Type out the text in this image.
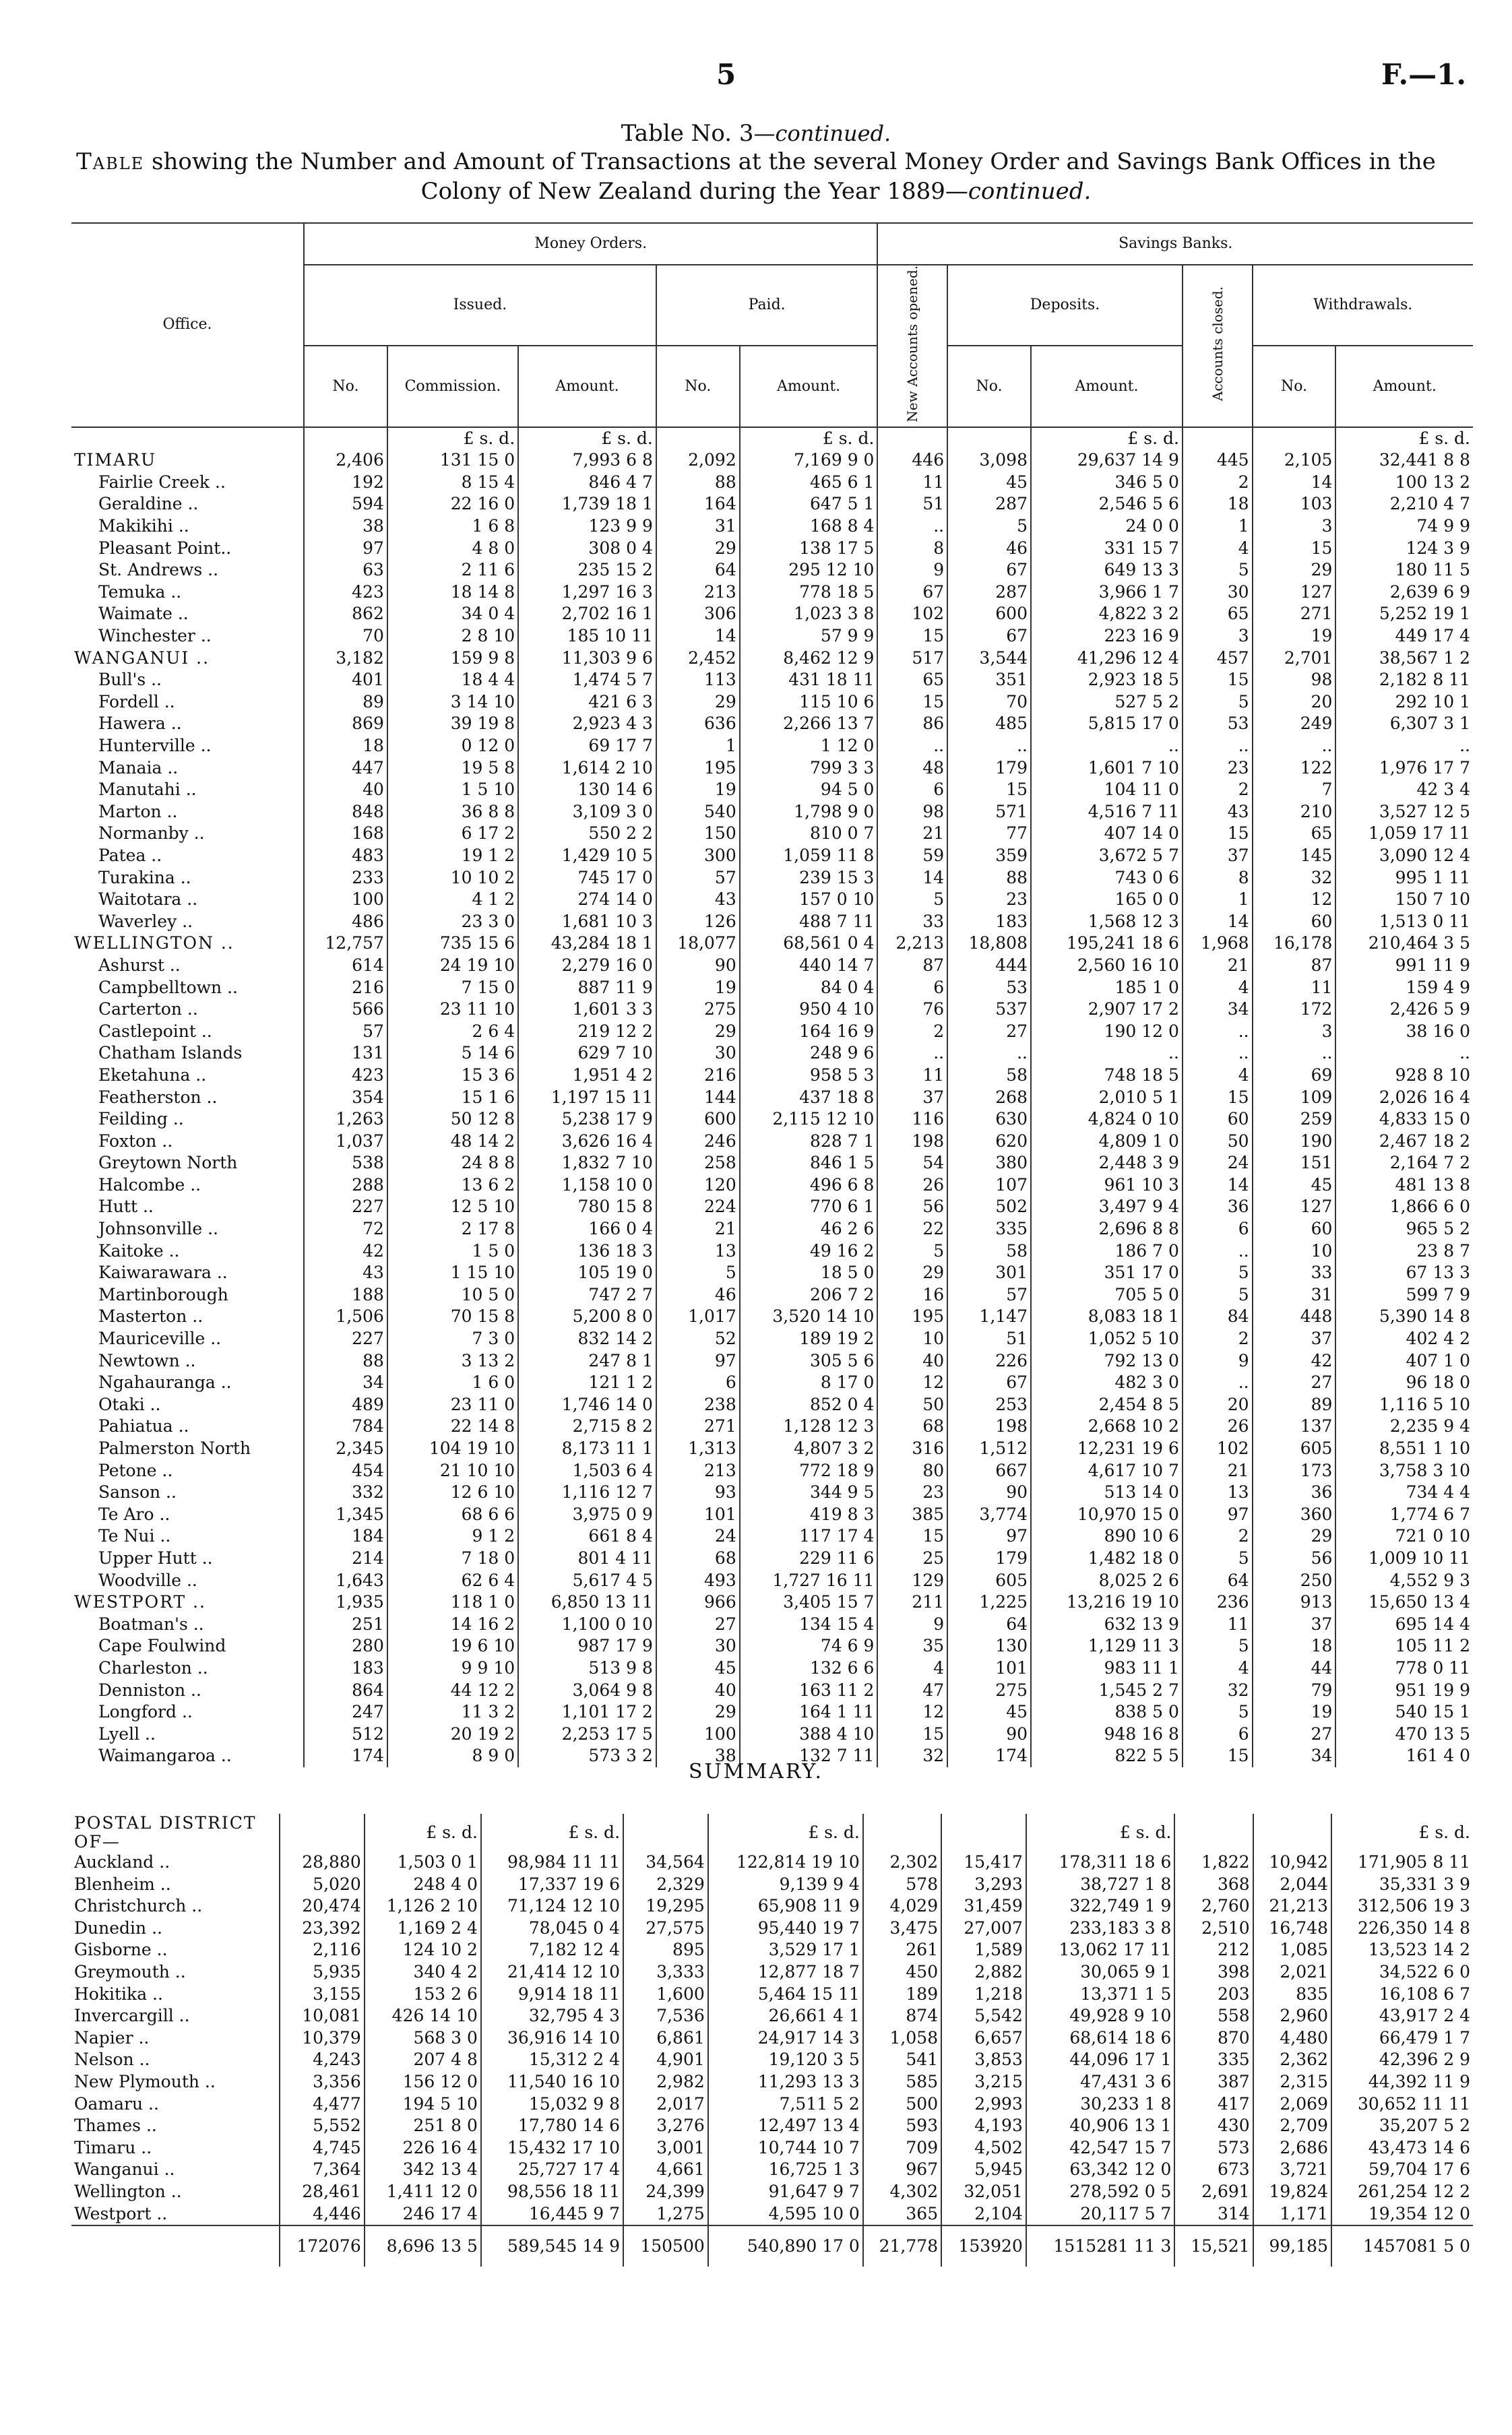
5	F.—1.
Table No. 3—continued.
Table showing the Number and Amount of Transactions at the several Money Order and Savings Bank Offices in the Colony of New Zealand during the Year 1889—continued.
Office.	Money Orders.					Savings Banks.					
	Issued.			Paid.		New Accounts opened.	Deposits.		Accounts closed.	Withdrawals.	
	No.	Commission.	Amount.	No.	Amount.		No.	Amount.		No.	Amount.
		£ s. d.	£ s. d.		£ s. d.			£ s. d.			£ s. d.
TIMARU	2,406	131 15 0	7,993 6 8	2,092	7,169 9 0	446	3,098	29,637 14 9	445	2,105	32,441 8 8
Fairlie Creek ..	192	8 15 4	846 4 7	88	465 6 1	11	45	346 5 0	2	14	100 13 2
Geraldine ..	594	22 16 0	1,739 18 1	164	647 5 1	51	287	2,546 5 6	18	103	2,210 4 7
Makikihi ..	38	1 6 8	123 9 9	31	168 8 4	..	5	24 0 0	1	3	74 9 9
Pleasant Point..	97	4 8 0	308 0 4	29	138 17 5	8	46	331 15 7	4	15	124 3 9
St. Andrews ..	63	2 11 6	235 15 2	64	295 12 10	9	67	649 13 3	5	29	180 11 5
Temuka ..	423	18 14 8	1,297 16 3	213	778 18 5	67	287	3,966 1 7	30	127	2,639 6 9
Waimate ..	862	34 0 4	2,702 16 1	306	1,023 3 8	102	600	4,822 3 2	65	271	5,252 19 1
Winchester ..	70	2 8 10	185 10 11	14	57 9 9	15	67	223 16 9	3	19	449 17 4
WANGANUI ..	3,182	159 9 8	11,303 9 6	2,452	8,462 12 9	517	3,544	41,296 12 4	457	2,701	38,567 1 2
Bull's ..	401	18 4 4	1,474 5 7	113	431 18 11	65	351	2,923 18 5	15	98	2,182 8 11
Fordell ..	89	3 14 10	421 6 3	29	115 10 6	15	70	527 5 2	5	20	292 10 1
Hawera ..	869	39 19 8	2,923 4 3	636	2,266 13 7	86	485	5,815 17 0	53	249	6,307 3 1
Hunterville ..	18	0 12 0	69 17 7	1	1 12 0	..	..	..	..	..	..
Manaia ..	447	19 5 8	1,614 2 10	195	799 3 3	48	179	1,601 7 10	23	122	1,976 17 7
Manutahi ..	40	1 5 10	130 14 6	19	94 5 0	6	15	104 11 0	2	7	42 3 4
Marton ..	848	36 8 8	3,109 3 0	540	1,798 9 0	98	571	4,516 7 11	43	210	3,527 12 5
Normanby ..	168	6 17 2	550 2 2	150	810 0 7	21	77	407 14 0	15	65	1,059 17 11
Patea ..	483	19 1 2	1,429 10 5	300	1,059 11 8	59	359	3,672 5 7	37	145	3,090 12 4
Turakina ..	233	10 10 2	745 17 0	57	239 15 3	14	88	743 0 6	8	32	995 1 11
Waitotara ..	100	4 1 2	274 14 0	43	157 0 10	5	23	165 0 0	1	12	150 7 10
Waverley ..	486	23 3 0	1,681 10 3	126	488 7 11	33	183	1,568 12 3	14	60	1,513 0 11
WELLINGTON ..	12,757	735 15 6	43,284 18 1	18,077	68,561 0 4	2,213	18,808	195,241 18 6	1,968	16,178	210,464 3 5
Ashurst ..	614	24 19 10	2,279 16 0	90	440 14 7	87	444	2,560 16 10	21	87	991 11 9
Campbelltown ..	216	7 15 0	887 11 9	19	84 0 4	6	53	185 1 0	4	11	159 4 9
Carterton ..	566	23 11 10	1,601 3 3	275	950 4 10	76	537	2,907 17 2	34	172	2,426 5 9
Castlepoint ..	57	2 6 4	219 12 2	29	164 16 9	2	27	190 12 0	..	3	38 16 0
Chatham Islands	131	5 14 6	629 7 10	30	248 9 6	..	..	..	..	..	..
Eketahuna ..	423	15 3 6	1,951 4 2	216	958 5 3	11	58	748 18 5	4	69	928 8 10
Featherston ..	354	15 1 6	1,197 15 11	144	437 18 8	37	268	2,010 5 1	15	109	2,026 16 4
Feilding ..	1,263	50 12 8	5,238 17 9	600	2,115 12 10	116	630	4,824 0 10	60	259	4,833 15 0
Foxton ..	1,037	48 14 2	3,626 16 4	246	828 7 1	198	620	4,809 1 0	50	190	2,467 18 2
Greytown North	538	24 8 8	1,832 7 10	258	846 1 5	54	380	2,448 3 9	24	151	2,164 7 2
Halcombe ..	288	13 6 2	1,158 10 0	120	496 6 8	26	107	961 10 3	14	45	481 13 8
Hutt ..	227	12 5 10	780 15 8	224	770 6 1	56	502	3,497 9 4	36	127	1,866 6 0
Johnsonville ..	72	2 17 8	166 0 4	21	46 2 6	22	335	2,696 8 8	6	60	965 5 2
Kaitoke ..	42	1 5 0	136 18 3	13	49 16 2	5	58	186 7 0	..	10	23 8 7
Kaiwarawara ..	43	1 15 10	105 19 0	5	18 5 0	29	301	351 17 0	5	33	67 13 3
Martinborough	188	10 5 0	747 2 7	46	206 7 2	16	57	705 5 0	5	31	599 7 9
Masterton ..	1,506	70 15 8	5,200 8 0	1,017	3,520 14 10	195	1,147	8,083 18 1	84	448	5,390 14 8
Mauriceville ..	227	7 3 0	832 14 2	52	189 19 2	10	51	1,052 5 10	2	37	402 4 2
Newtown ..	88	3 13 2	247 8 1	97	305 5 6	40	226	792 13 0	9	42	407 1 0
Ngahauranga ..	34	1 6 0	121 1 2	6	8 17 0	12	67	482 3 0	..	27	96 18 0
Otaki ..	489	23 11 0	1,746 14 0	238	852 0 4	50	253	2,454 8 5	20	89	1,116 5 10
Pahiatua ..	784	22 14 8	2,715 8 2	271	1,128 12 3	68	198	2,668 10 2	26	137	2,235 9 4
Palmerston North	2,345	104 19 10	8,173 11 1	1,313	4,807 3 2	316	1,512	12,231 19 6	102	605	8,551 1 10
Petone ..	454	21 10 10	1,503 6 4	213	772 18 9	80	667	4,617 10 7	21	173	3,758 3 10
Sanson ..	332	12 6 10	1,116 12 7	93	344 9 5	23	90	513 14 0	13	36	734 4 4
Te Aro ..	1,345	68 6 6	3,975 0 9	101	419 8 3	385	3,774	10,970 15 0	97	360	1,774 6 7
Te Nui ..	184	9 1 2	661 8 4	24	117 17 4	15	97	890 10 6	2	29	721 0 10
Upper Hutt ..	214	7 18 0	801 4 11	68	229 11 6	25	179	1,482 18 0	5	56	1,009 10 11
Woodville ..	1,643	62 6 4	5,617 4 5	493	1,727 16 11	129	605	8,025 2 6	64	250	4,552 9 3
WESTPORT ..	1,935	118 1 0	6,850 13 11	966	3,405 15 7	211	1,225	13,216 19 10	236	913	15,650 13 4
Boatman's ..	251	14 16 2	1,100 0 10	27	134 15 4	9	64	632 13 9	11	37	695 14 4
Cape Foulwind	280	19 6 10	987 17 9	30	74 6 9	35	130	1,129 11 3	5	18	105 11 2
Charleston ..	183	9 9 10	513 9 8	45	132 6 6	4	101	983 11 1	4	44	778 0 11
Denniston ..	864	44 12 2	3,064 9 8	40	163 11 2	47	275	1,545 2 7	32	79	951 19 9
Longford ..	247	11 3 2	1,101 17 2	29	164 1 11	12	45	838 5 0	5	19	540 15 1
Lyell ..	512	20 19 2	2,253 17 5	100	388 4 10	15	90	948 16 8	6	27	470 13 5
Waimangaroa ..	174	8 9 0	573 3 2	38	132 7 11	32	174	822 5 5	15	34	161 4 0
SUMMARY.
POSTAL DISTRICT OF—		£ s. d.	£ s. d.		£ s. d.			£ s. d.			£ s. d.
Auckland ..	28,880	1,503 0 1	98,984 11 11	34,564	122,814 19 10	2,302	15,417	178,311 18 6	1,822	10,942	171,905 8 11
Blenheim ..	5,020	248 4 0	17,337 19 6	2,329	9,139 9 4	578	3,293	38,727 1 8	368	2,044	35,331 3 9
Christchurch ..	20,474	1,126 2 10	71,124 12 10	19,295	65,908 11 9	4,029	31,459	322,749 1 9	2,760	21,213	312,506 19 3
Dunedin ..	23,392	1,169 2 4	78,045 0 4	27,575	95,440 19 7	3,475	27,007	233,183 3 8	2,510	16,748	226,350 14 8
Gisborne ..	2,116	124 10 2	7,182 12 4	895	3,529 17 1	261	1,589	13,062 17 11	212	1,085	13,523 14 2
Greymouth ..	5,935	340 4 2	21,414 12 10	3,333	12,877 18 7	450	2,882	30,065 9 1	398	2,021	34,522 6 0
Hokitika ..	3,155	153 2 6	9,914 18 11	1,600	5,464 15 11	189	1,218	13,371 1 5	203	835	16,108 6 7
Invercargill ..	10,081	426 14 10	32,795 4 3	7,536	26,661 4 1	874	5,542	49,928 9 10	558	2,960	43,917 2 4
Napier ..	10,379	568 3 0	36,916 14 10	6,861	24,917 14 3	1,058	6,657	68,614 18 6	870	4,480	66,479 1 7
Nelson ..	4,243	207 4 8	15,312 2 4	4,901	19,120 3 5	541	3,853	44,096 17 1	335	2,362	42,396 2 9
New Plymouth ..	3,356	156 12 0	11,540 16 10	2,982	11,293 13 3	585	3,215	47,431 3 6	387	2,315	44,392 11 9
Oamaru ..	4,477	194 5 10	15,032 9 8	2,017	7,511 5 2	500	2,993	30,233 1 8	417	2,069	30,652 11 11
Thames ..	5,552	251 8 0	17,780 14 6	3,276	12,497 13 4	593	4,193	40,906 13 1	430	2,709	35,207 5 2
Timaru ..	4,745	226 16 4	15,432 17 10	3,001	10,744 10 7	709	4,502	42,547 15 7	573	2,686	43,473 14 6
Wanganui ..	7,364	342 13 4	25,727 17 4	4,661	16,725 1 3	967	5,945	63,342 12 0	673	3,721	59,704 17 6
Wellington ..	28,461	1,411 12 0	98,556 18 11	24,399	91,647 9 7	4,302	32,051	278,592 0 5	2,691	19,824	261,254 12 2
Westport ..	4,446	246 17 4	16,445 9 7	1,275	4,595 10 0	365	2,104	20,117 5 7	314	1,171	19,354 12 0
	172076	8,696 13 5	589,545 14 9	150500	540,890 17 0	21,778	153920	1515281 11 3	15,521	99,185	1457081 5 0
